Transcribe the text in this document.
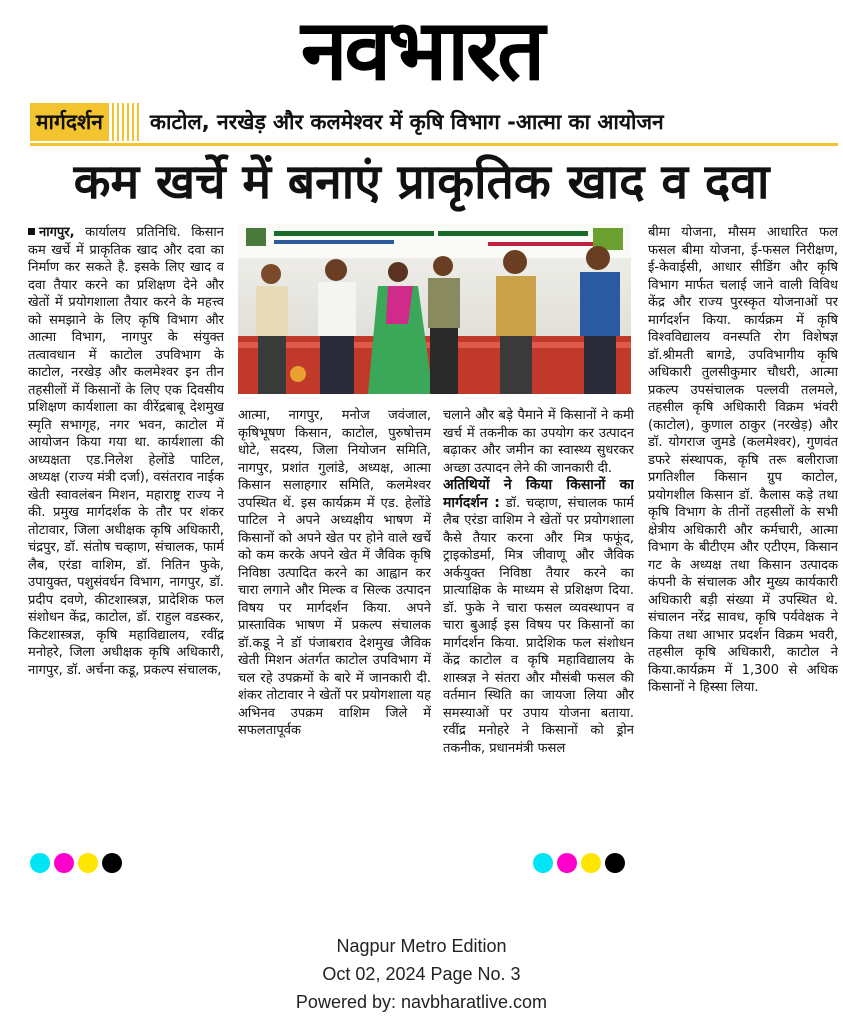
नवभारत
मार्गदर्शन काटोल, नरखेड़ और कलमेश्वर में कृषि विभाग -आत्मा का आयोजन
कम खर्चे में बनाएं प्राकृतिक खाद व दवा

नागपुर, कार्यालय प्रतिनिधि. किसान कम खर्चे में प्राकृतिक खाद और दवा का निर्माण कर सकते है. इसके लिए खाद व दवा तैयार करने का प्रशिक्षण देने और खेतों में प्रयोगशाला तैयार करने के महत्त्व को समझाने के लिए कृषि विभाग और आत्मा विभाग, नागपुर के संयुक्त तत्वावधान में काटोल उपविभाग के काटोल, नरखेड़ और कलमेश्वर इन तीन तहसीलों में किसानों के लिए एक दिवसीय प्रशिक्षण कार्यशाला का वीरेंद्रबाबू देशमुख स्मृति सभागृह, नगर भवन, काटोल में आयोजन किया गया था. कार्यशाला की अध्यक्षता एड.निलेश हेलोंडे पाटिल, अध्यक्ष (राज्य मंत्री दर्जा), वसंतराव नाईक खेती स्वावलंबन मिशन, महाराष्ट्र राज्य ने की. प्रमुख मार्गदर्शक के तौर पर शंकर तोटावार, जिला अधीक्षक कृषि अधिकारी, चंद्रपुर, डॉ. संतोष चव्हाण, संचालक, फार्म लैब, एरंडा वाशिम, डॉ. नितिन फुके, उपायुक्त, पशुसंवर्धन विभाग, नागपुर, डॉ. प्रदीप दवणे, कीटशास्त्रज्ञ, प्रादेशिक फल संशोधन केंद्र, काटोल, डॉ. राहुल वडस्कर, किटशास्त्रज्ञ, कृषि महाविद्यालय, रवींद्र मनोहरे, जिला अधीक्षक कृषि अधिकारी, नागपुर, डॉ. अर्चना कडू, प्रकल्प संचालक,

आत्मा, नागपुर, मनोज जवंजाल, कृषिभूषण किसान, काटोल, पुरुषोत्तम धोटे, सदस्य, जिला नियोजन समिति, नागपुर, प्रशांत गुलांडे, अध्यक्ष, आत्मा किसान सलाहगार समिति, कलमेश्वर उपस्थित थें. इस कार्यक्रम में एड. हेलोंडे पाटिल ने अपने अध्यक्षीय भाषण में किसानों को अपने खेत पर होने वाले खर्चे को कम करके अपने खेत में जैविक कृषि निविष्ठा उत्पादित करने का आह्वान कर चारा लगाने और मिल्क व सिल्क उत्पादन विषय पर मार्गदर्शन किया. अपने प्रास्ताविक भाषण में प्रकल्प संचालक डॉ.कडू ने डॉ पंजाबराव देशमुख जैविक खेती मिशन अंतर्गत काटोल उपविभाग में चल रहे उपक्रमों के बारे में जानकारी दी. शंकर तोटावार ने खेतों पर प्रयोगशाला यह अभिनव उपक्रम वाशिम जिले में सफलतापूर्वक

चलाने और बड़े पैमाने में किसानों ने कमी खर्च में तकनीक का उपयोग कर उत्पादन बढ़ाकर और जमीन का स्वास्थ्य सुधरकर अच्छा उत्पादन लेने की जानकारी दी.

अतिथियों ने किया किसानों का मार्गदर्शन : डॉ. चव्हाण, संचालक फार्म लैब एरंडा वाशिम ने खेतों पर प्रयोगशाला कैसे तैयार करना और मित्र फफूंद, ट्राइकोडर्मा, मित्र जीवाणू और जैविक अर्कयुक्त निविष्ठा तैयार करने का प्रात्याक्षिक के माध्यम से प्रशिक्षण दिया. डॉ. फुके ने चारा फसल व्यवस्थापन व चारा बुआई इस विषय पर किसानों का मार्गदर्शन किया. प्रादेशिक फल संशोधन केंद्र काटोल व कृषि महाविद्यालय के शास्त्रज्ञ ने संतरा और मौसंबी फसल की वर्तमान स्थिति का जायजा लिया और समस्याओं पर उपाय योजना बताया. रवींद्र मनोहरे ने किसानों को ड्रोन तकनीक, प्रधानमंत्री फसल

बीमा योजना, मौसम आधारित फल फसल बीमा योजना, ई-फसल निरीक्षण, ई-केवाईसी, आधार सीडिंग और कृषि विभाग मार्फत चलाई जाने वाली विविध केंद्र और राज्य पुरस्कृत योजनाओं पर मार्गदर्शन किया. कार्यक्रम में कृषि विश्वविद्यालय वनस्पति रोग विशेषज्ञ डॉ.श्रीमती बागडे, उपविभागीय कृषि अधिकारी तुलसीकुमार चौधरी, आत्मा प्रकल्प उपसंचालक पल्लवी तलमले, तहसील कृषि अधिकारी विक्रम भंवरी (काटोल), कुणाल ठाकुर (नरखेड़) और डॉ. योगराज जुमडे (कलमेश्वर), गुणवंत डफरे संस्थापक, कृषि तरू बलीराजा प्रगतिशील किसान ग्रुप काटोल, प्रयोगशील किसान डॉ. कैलास कड़े तथा कृषि विभाग के तीनों तहसीलों के सभी क्षेत्रीय अधिकारी और कर्मचारी, आत्मा विभाग के बीटीएम और एटीएम, किसान गट के अध्यक्ष तथा किसान उत्पादक कंपनी के संचालक और मुख्य कार्यकारी अधिकारी बड़ी संख्या में उपस्थित थे. संचालन नरेंद्र सावध, कृषि पर्यवेक्षक ने किया तथा आभार प्रदर्शन विक्रम भवरी, तहसील कृषि अधिकारी, काटोल ने किया.कार्यक्रम में 1,300 से अधिक किसानों ने हिस्सा लिया.

Nagpur Metro Edition
Oct 02, 2024 Page No. 3
Powered by: navbharatlive.com
